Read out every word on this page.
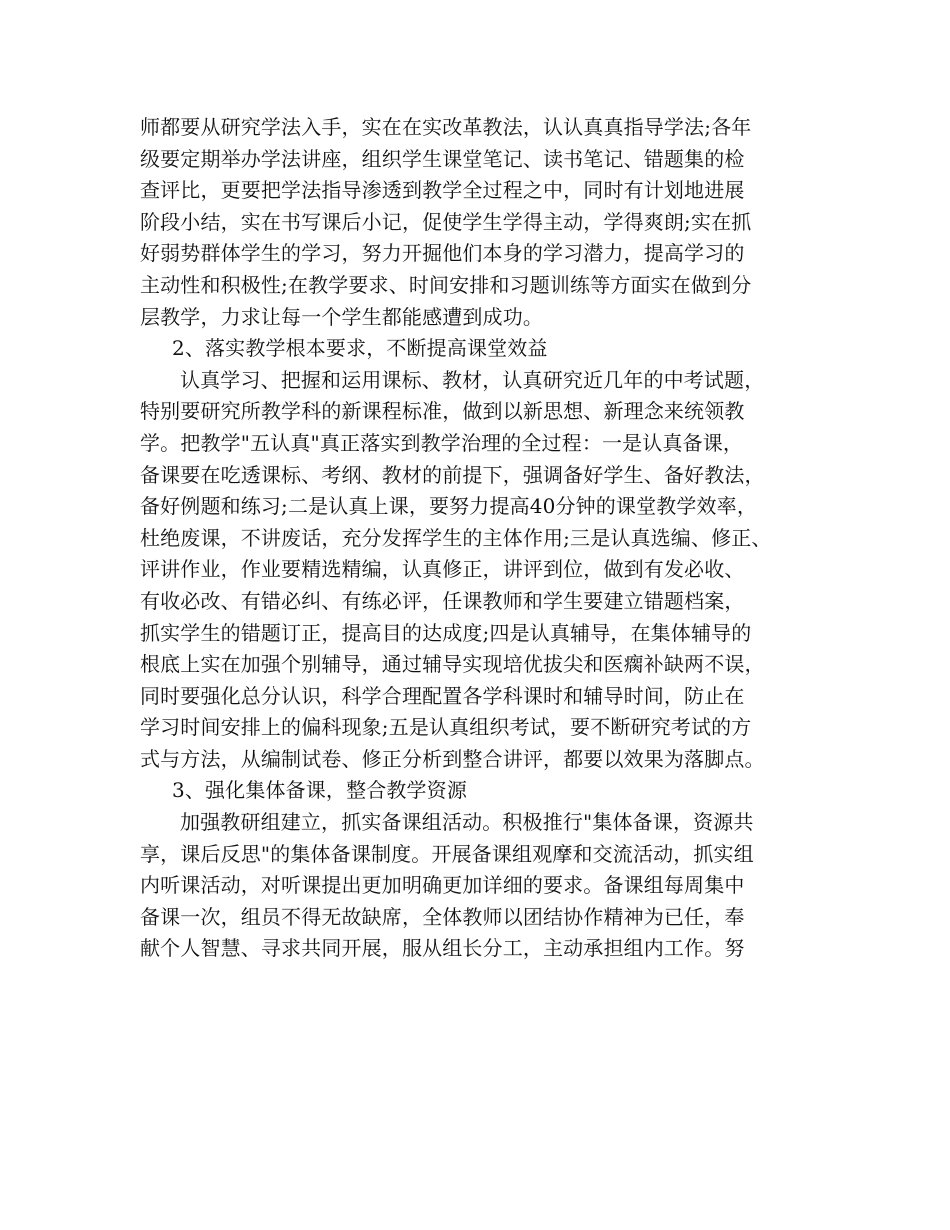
师都要从研究学法入手，实在在实改革教法，认认真真指导学法;各年
级要定期举办学法讲座，组织学生课堂笔记、读书笔记、错题集的检
查评比，更要把学法指导渗透到教学全过程之中，同时有计划地进展
阶段小结，实在书写课后小记，促使学生学得主动，学得爽朗;实在抓
好弱势群体学生的学习，努力开掘他们本身的学习潜力，提高学习的
主动性和积极性;在教学要求、时间安排和习题训练等方面实在做到分
层教学，力求让每一个学生都能感遭到成功。
2、落实教学根本要求，不断提高课堂效益
认真学习、把握和运用课标、教材，认真研究近几年的中考试题，
特别要研究所教学科的新课程标准，做到以新思想、新理念来统领教
学。把教学"五认真"真正落实到教学治理的全过程：一是认真备课，
备课要在吃透课标、考纲、教材的前提下，强调备好学生、备好教法，
备好例题和练习;二是认真上课，要努力提高40分钟的课堂教学效率，
杜绝废课，不讲废话，充分发挥学生的主体作用;三是认真选编、修正、
评讲作业，作业要精选精编，认真修正，讲评到位，做到有发必收、
有收必改、有错必纠、有练必评，任课教师和学生要建立错题档案，
抓实学生的错题订正，提高目的达成度;四是认真辅导，在集体辅导的
根底上实在加强个别辅导，通过辅导实现培优拔尖和医瘸补缺两不误，
同时要强化总分认识，科学合理配置各学科课时和辅导时间，防止在
学习时间安排上的偏科现象;五是认真组织考试，要不断研究考试的方
式与方法，从编制试卷、修正分析到整合讲评，都要以效果为落脚点。
3、强化集体备课，整合教学资源
加强教研组建立，抓实备课组活动。积极推行"集体备课，资源共
享，课后反思"的集体备课制度。开展备课组观摩和交流活动，抓实组
内听课活动，对听课提出更加明确更加详细的要求。备课组每周集中
备课一次，组员不得无故缺席，全体教师以团结协作精神为已任，奉
献个人智慧、寻求共同开展，服从组长分工，主动承担组内工作。努
